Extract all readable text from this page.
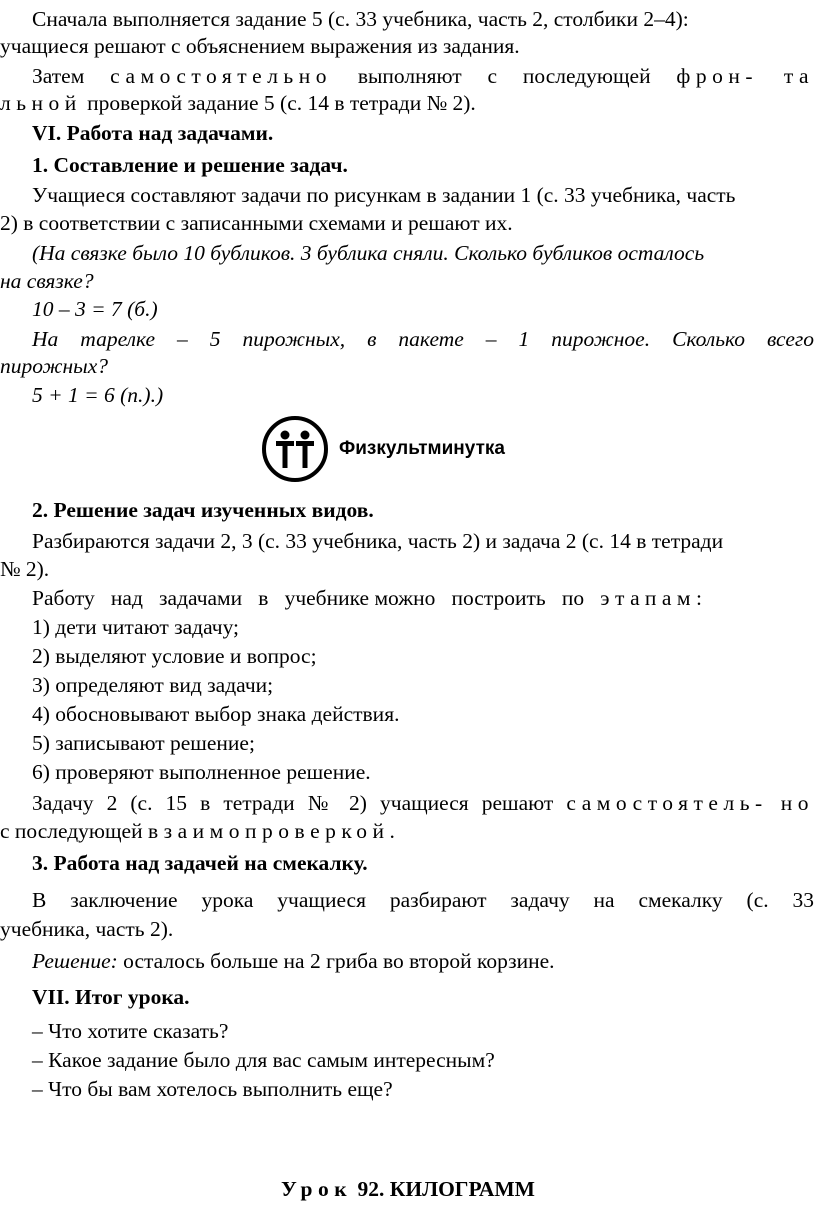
Сначала выполняется задание 5 (с. 33 учебника, часть 2, столбики 2–4):
учащиеся решают с объяснением выражения из задания.
Затем самостоятельно выполняют с последующей фрон- та
льной проверкой задание 5 (с. 14 в тетради № 2).
VI. Работа над задачами.
1. Составление и решение задач.
Учащиеся составляют задачи по рисункам в задании 1 (с. 33 учебника, часть
2) в соответствии с записанными схемами и решают их.
(На связке было 10 бубликов. 3 бублика сняли. Сколько бубликов осталось
на связке?
10 – 3 = 7 (б.)
На тарелке – 5 пирожных, в пакете – 1 пирожное. Сколько всего
пирожных?
5 + 1 = 6 (п.).)
Физкультминутка
2. Решение задач изученных видов.
Разбираются задачи 2, 3 (с. 33 учебника, часть 2) и задача 2 (с. 14 в тетради
№ 2).
Работу над задачами в учебнике можно построить по этапам:
1) дети читают задачу;
2) выделяют условие и вопрос;
3) определяют вид задачи;
4) обосновывают выбор знака действия.
5) записывают решение;
6) проверяют выполненное решение.
Задачу 2 (с. 15 в тетради № 2) учащиеся решают самостоятель- но
с последующей взаимопроверкой.
3. Работа над задачей на смекалку.
В заключение урока учащиеся разбирают задачу на смекалку (с. 33
учебника, часть 2).
Решение: осталось больше на 2 гриба во второй корзине.
VII. Итог урока.
– Что хотите сказать?
– Какое задание было для вас самым интересным?
– Что бы вам хотелось выполнить еще?
Урок 92. КИЛОГРАММ
